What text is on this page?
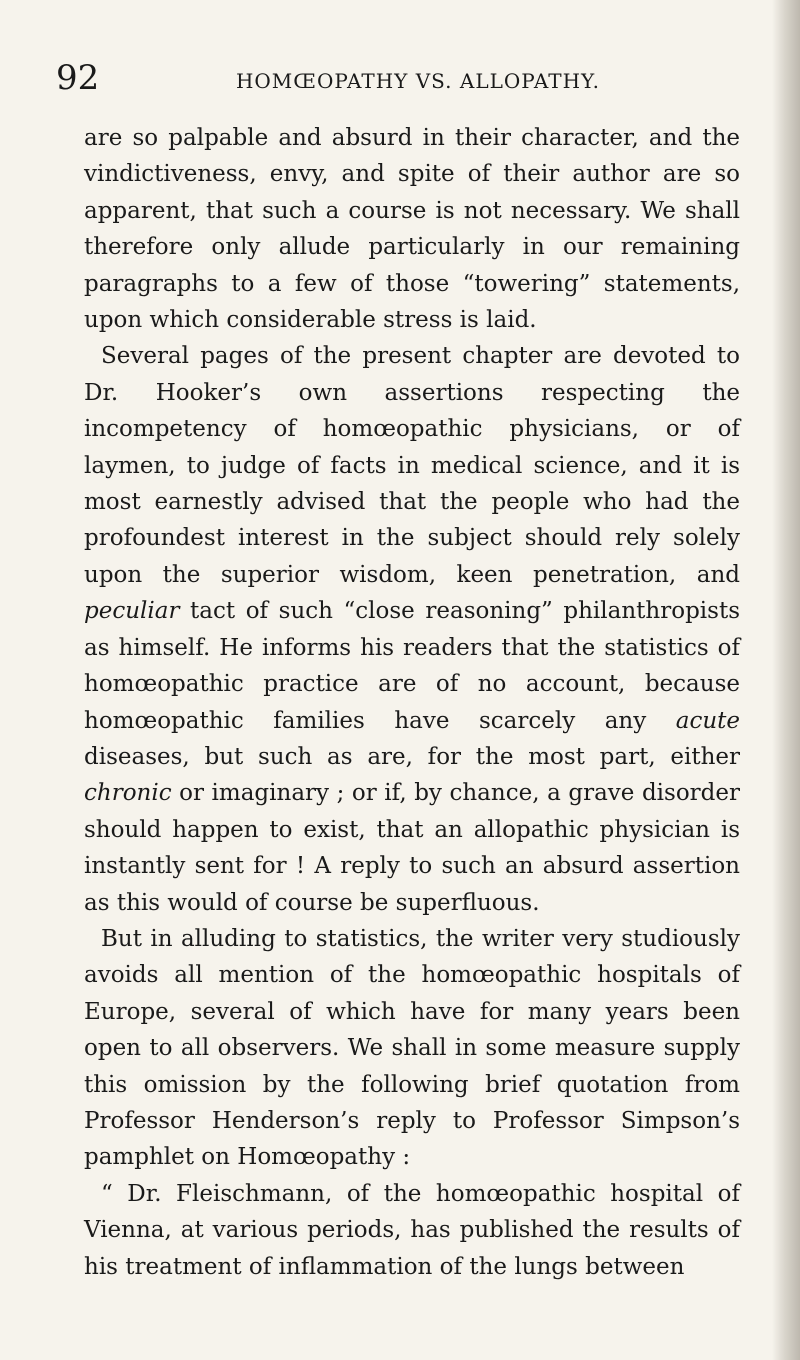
92	HOMŒOPATHY VS. ALLOPATHY.

are so palpable and absurd in their character, and the vindictiveness, envy, and spite of their author are so apparent, that such a course is not necessary. We shall therefore only allude particularly in our remaining paragraphs to a few of those “towering” statements, upon which considerable stress is laid.

Several pages of the present chapter are devoted to Dr. Hooker’s own assertions respecting the incompetency of homœopathic physicians, or of laymen, to judge of facts in medical science, and it is most earnestly advised that the people who had the profoundest interest in the subject should rely solely upon the superior wisdom, keen penetration, and peculiar tact of such “close reasoning” philanthropists as himself. He informs his readers that the statistics of homœopathic practice are of no account, because homœopathic families have scarcely any acute diseases, but such as are, for the most part, either chronic or imaginary ; or if, by chance, a grave disorder should happen to exist, that an allopathic physician is instantly sent for ! A reply to such an absurd assertion as this would of course be superfluous.

But in alluding to statistics, the writer very studiously avoids all mention of the homœopathic hospitals of Europe, several of which have for many years been open to all observers. We shall in some measure supply this omission by the following brief quotation from Professor Henderson’s reply to Professor Simpson’s pamphlet on Homœopathy :

“ Dr. Fleischmann, of the homœopathic hospital of Vienna, at various periods, has published the results of his treatment of inflammation of the lungs between
